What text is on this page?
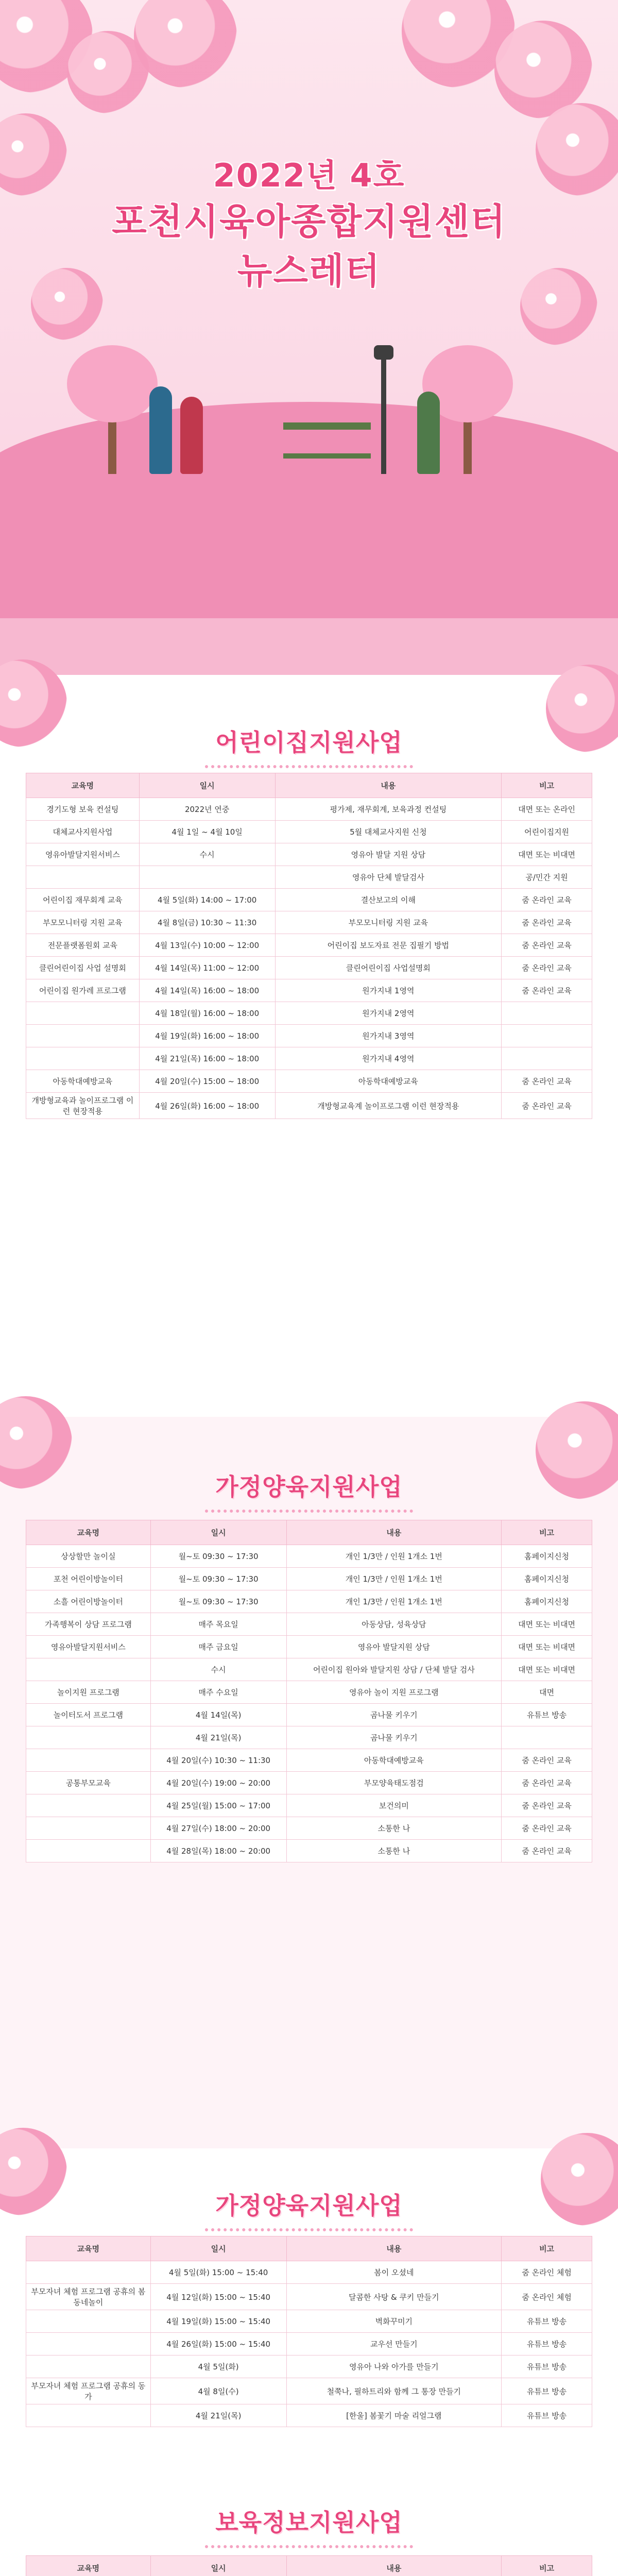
2022년 4호
포천시육아종합지원센터
뉴스레터
어린이집지원사업
교육명	일시	내용	비고
경기도형 보육 컨설팅	2022년 연중	평가제, 재무회계, 보육과정 컨설팅	대면 또는 온라인
대체교사지원사업	4월 1일 ~ 4월 10일	5월 대체교사지원 신청	어린이집지원
영유아발달지원서비스	수시	영유아 발달 지원 상담	대면 또는 비대면
		영유아 단체 발달검사	공/민간 지원
어린이집 재무회계 교육	4월 5일(화) 14:00 ~ 17:00	결산보고의 이해	줌 온라인 교육
부모모니터링 지원 교육	4월 8일(금) 10:30 ~ 11:30	부모모니터링 지원 교육	줌 온라인 교육
전문플랫폼원회 교육	4월 13일(수) 10:00 ~ 12:00	어린이집 보도자료 전문 집필기 방법	줌 온라인 교육
클린어린이집 사업 설명회	4월 14일(목) 11:00 ~ 12:00	클린어린이집 사업설명회	줌 온라인 교육
어린이집 원가레 프로그램	4월 14일(목) 16:00 ~ 18:00	원가지내 1영역	줌 온라인 교육
	4월 18일(월) 16:00 ~ 18:00	원가지내 2영역	
	4월 19일(화) 16:00 ~ 18:00	원가지내 3영역	
	4월 21일(목) 16:00 ~ 18:00	원가지내 4영역	
아동학대예방교육	4월 20일(수) 15:00 ~ 18:00	아동학대예방교육	줌 온라인 교육
개방형교육과 놀이프로그램 이런 현장적용	4월 26일(화) 16:00 ~ 18:00	개방형교육계 놀이프로그램 이런 현장적용	줌 온라인 교육
가정양육지원사업
교육명	일시	내용	비고
상상할만 놀이실	월~토 09:30 ~ 17:30	개인 1/3만 / 인원 1개소 1번	홈페이지신청
포천 어린이방놀이터	월~토 09:30 ~ 17:30	개인 1/3만 / 인원 1개소 1번	홈페이지신청
소흘 어린이방놀이터	월~토 09:30 ~ 17:30	개인 1/3만 / 인원 1개소 1번	홈페이지신청
가족행복이 상담 프로그램	매주 목요일	아동상담, 성육상담	대면 또는 비대면
영유아발달지원서비스	매주 금요일	영유아 발달지원 상담	대면 또는 비대면
	수시	어린이집 원아와 발달지원 상담 / 단체 발달 검사	대면 또는 비대면
놀이지원 프로그램	매주 수요일	영유아 놀이 지원 프로그램	대면
놀이터도서 프로그램	4월 14일(목)	곰나물 키우기	유튜브 방송
	4월 21일(목)	곰나물 키우기	
	4월 20일(수) 10:30 ~ 11:30	아동학대예방교육	줌 온라인 교육
공통부모교육	4월 20일(수) 19:00 ~ 20:00	부모양육태도점검	줌 온라인 교육
	4월 25일(월) 15:00 ~ 17:00	보건의미	줌 온라인 교육
	4월 27일(수) 18:00 ~ 20:00	소통한 나	줌 온라인 교육
	4월 28일(목) 18:00 ~ 20:00	소통한 나	줌 온라인 교육
가정양육지원사업
교육명	일시	내용	비고
	4월 5일(화) 15:00 ~ 15:40	봄이 오셨네	줌 온라인 체험
부모자녀 체험 프로그램 공휴의 봄동네놀이	4월 12일(화) 15:00 ~ 15:40	달콤한 사탕 & 쿠키 만들기	줌 온라인 체험
	4월 19일(화) 15:00 ~ 15:40	벽화꾸미기	유튜브 방송
	4월 26일(화) 15:00 ~ 15:40	교우선 만들기	유튜브 방송
	4월 5일(화)	영유아 나와 아가를 만들기	유튜브 방송
부모자녀 체험 프로그램 공휴의 동가	4월 8일(수)	철쭉나, 필하트리와 함께 그 통장 만들기	유튜브 방송
	4월 21일(목)	[한울] 봄꽃기 마술 리얼그램	유튜브 방송
보육정보지원사업
교육명	일시	내용	비고
